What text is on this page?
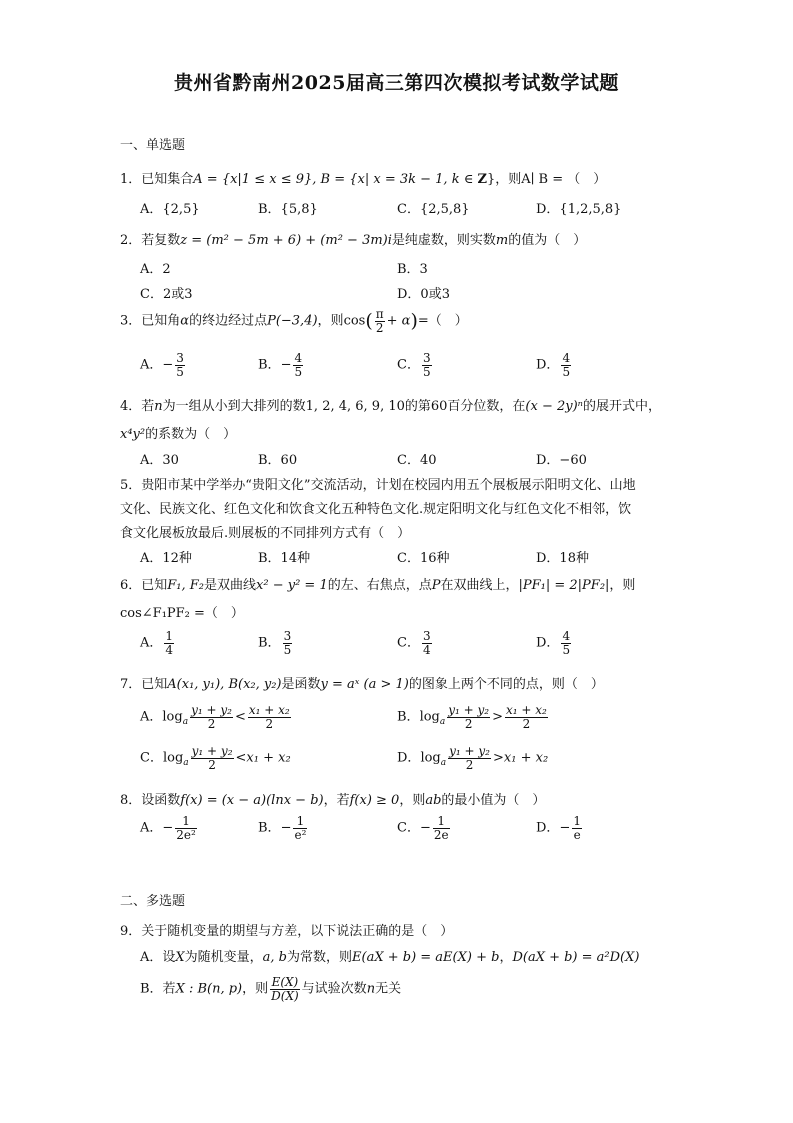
贵州省黔南州2025届高三第四次模拟考试数学试题
一、单选题
1．已知集合A = {x|1 ≤ x ≤ 9}, B = {x| x = 3k − 1, k ∈ Z}，则A∣ B = （　）
A．{2,5}	B．{5,8}	C．{2,5,8}	D．{1,2,5,8}
2．若复数z = (m² − 5m + 6) + (m² − 3m)i是纯虚数，则实数m的值为（　）
A．2	B．3
C．2或3	D．0或3
3．已知角α的终边经过点P(−3,4)，则$\cos( \frac{\pi}{2} + \alpha)=$（　）
A．− $\frac{3}{5}$	B．− $\frac{4}{5}$	C． $\frac{3}{5}$	D． $\frac{4}{5}$
4．若n为一组从小到大排列的数1, 2, 4, 6, 9, 10的第60百分位数，在(x − 2y)ⁿ的展开式中，
x⁴y²的系数为（　）
A．30	B．60	C．40	D．−60
5．贵阳市某中学举办“贵阳文化”交流活动，计划在校园内用五个展板展示阳明文化、山地
文化、民族文化、红色文化和饮食文化五种特色文化.规定阳明文化与红色文化不相邻，饮
食文化展板放最后.则展板的不同排列方式有（　）
A．12种	B．14种	C．16种	D．18种
6．已知F₁, F₂是双曲线x² − y² = 1的左、右焦点，点P在双曲线上，|PF₁| = 2|PF₂|，则
cos∠F₁PF₂ =（　）
A． $\frac{1}{4}$	B． $\frac{3}{5}$	C． $\frac{3}{4}$	D． $\frac{4}{5}$
7．已知A(x₁, y₁), B(x₂, y₂)是函数y = aˣ (a > 1)的图象上两个不同的点，则（　）
A．$\log_a \frac{\text{y₁ + y₂}}{2} < \frac{\text{x₁ + x₂}}{2}$	B．$\log_a \frac{\text{y₁ + y₂}}{2} > \frac{\text{x₁ + x₂}}{2}$
C．$\log_a \frac{\text{y₁ + y₂}}{2} <x_1 + x_2$	D．$\log_a \frac{\text{y₁ + y₂}}{2} >x_1 + x_2$
8．设函数f(x) = (x − a)(lnx − b)，若f(x) ≥ 0，则ab的最小值为（　）
A．− $\frac{1}{\text{2e²}}$	B．− $\frac{1}{\text{e²}}$	C．− $\frac{1}{2e}$	D．− $\frac{1}{e}$
二、多选题
9．关于随机变量的期望与方差，以下说法正确的是（　）
A．设X为随机变量，a, b为常数，则E(aX + b) = aE(X) + b，D(aX + b) = a²D(X)
B．若X : B(n, p)，则 $\frac{E(X)}{D(X)}$ 与试验次数n无关
